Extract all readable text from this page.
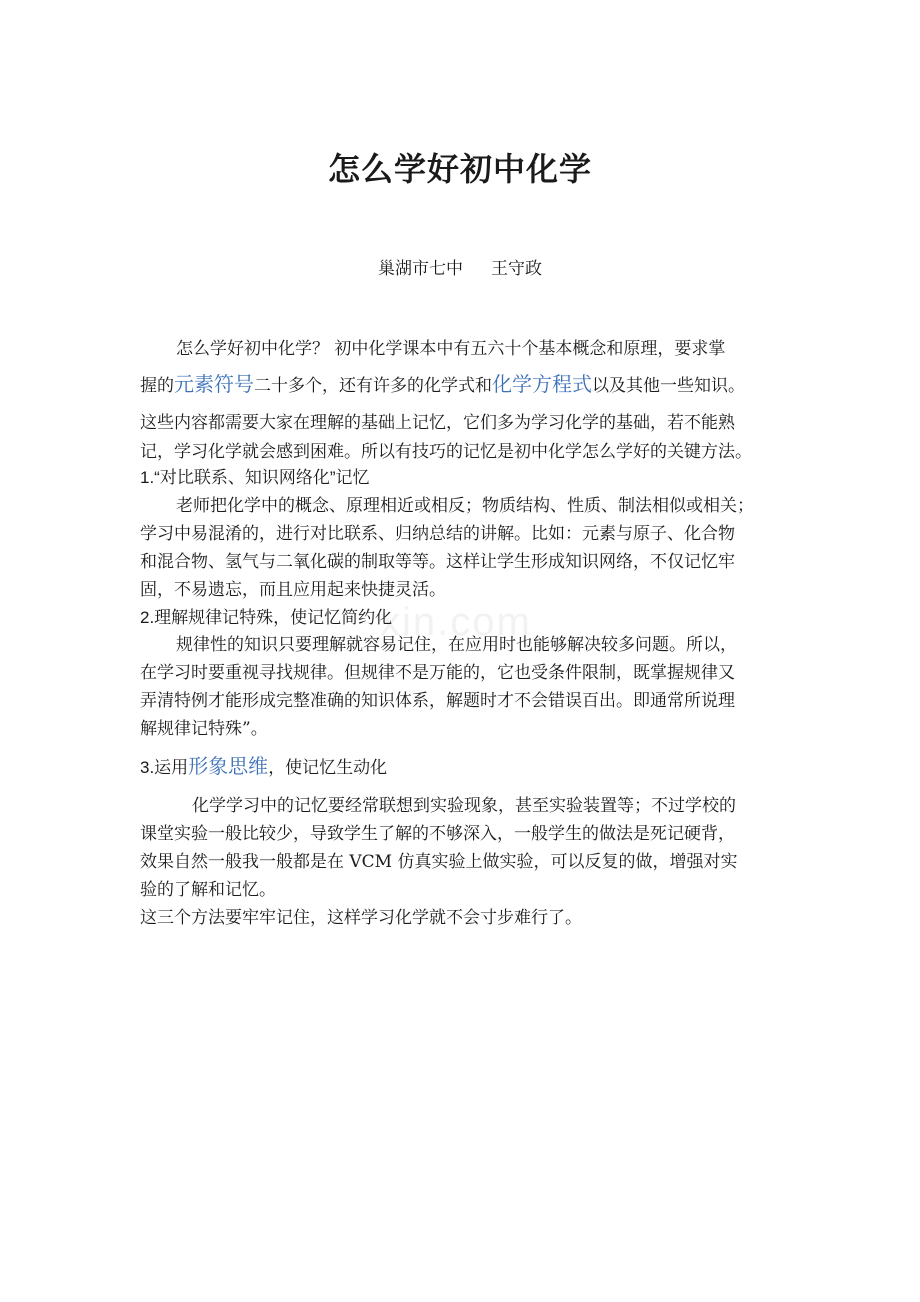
xin.com
怎么学好初中化学
巢湖市七中 王守政
怎么学好初中化学？ 初中化学课本中有五六十个基本概念和原理，要求掌
握的元素符号二十多个，还有许多的化学式和化学方程式以及其他一些知识。
这些内容都需要大家在理解的基础上记忆，它们多为学习化学的基础，若不能熟
记，学习化学就会感到困难。所以有技巧的记忆是初中化学怎么学好的关键方法。
1.“对比联系、知识网络化”记忆
老师把化学中的概念、原理相近或相反；物质结构、性质、制法相似或相关；
学习中易混淆的，进行对比联系、归纳总结的讲解。比如：元素与原子、化合物
和混合物、氢气与二氧化碳的制取等等。这样让学生形成知识网络，不仅记忆牢
固，不易遗忘，而且应用起来快捷灵活。
2.理解规律记特殊，使记忆简约化
规律性的知识只要理解就容易记住，在应用时也能够解决较多问题。所以，
在学习时要重视寻找规律。但规律不是万能的，它也受条件限制，既掌握规律又
弄清特例才能形成完整准确的知识体系，解题时才不会错误百出。即通常所说理
解规律记特殊”。
3.运用形象思维，使记忆生动化
化学学习中的记忆要经常联想到实验现象，甚至实验装置等；不过学校的
课堂实验一般比较少，导致学生了解的不够深入，一般学生的做法是死记硬背，
效果自然一般我一般都是在 VCM 仿真实验上做实验，可以反复的做，增强对实
验的了解和记忆。
这三个方法要牢牢记住，这样学习化学就不会寸步难行了。
